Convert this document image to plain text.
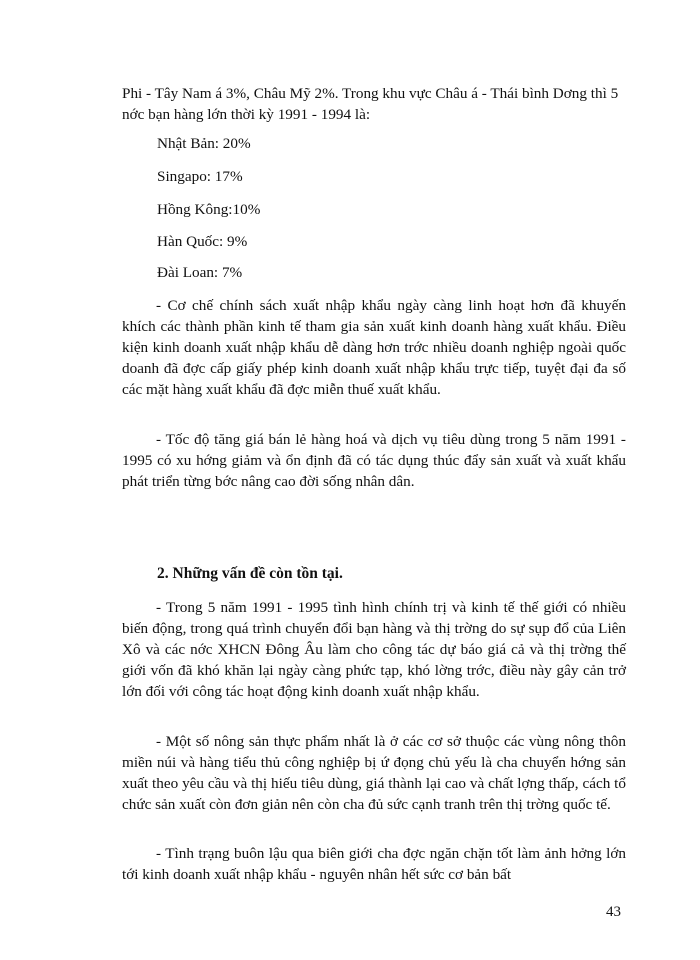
Phi - Tây Nam á 3%, Châu Mỹ 2%. Trong khu vực Châu á - Thái bình Dơng thì 5 nớc bạn hàng lớn thời kỳ 1991 - 1994 là:

Nhật Bản: 20%

Singapo: 17%

Hồng Kông:10%

Hàn Quốc: 9%

Đài Loan: 7%

- Cơ chế chính sách xuất nhập khẩu ngày càng linh hoạt hơn đã khuyến khích các thành phần kinh tế tham gia sản xuất kinh doanh hàng xuất khẩu. Điều kiện kinh doanh xuất nhập khẩu dễ dàng hơn trớc nhiều doanh nghiệp ngoài quốc doanh đã đợc cấp giấy phép kinh doanh xuất nhập khẩu trực tiếp, tuyệt đại đa số các mặt hàng xuất khẩu đã đợc miễn thuế xuất khẩu.

- Tốc độ tăng giá bán lẻ hàng hoá và dịch vụ tiêu dùng trong 5 năm 1991 - 1995 có xu hớng giảm và ổn định đã có tác dụng thúc đẩy sản xuất và xuất khẩu phát triển từng bớc nâng cao đời sống nhân dân.

2. Những vấn đề còn tồn tại.

- Trong 5 năm 1991 - 1995 tình hình chính trị và kinh tế thế giới có nhiều biến động, trong quá trình chuyển đổi bạn hàng và thị trờng do sự sụp đổ của Liên Xô và các nớc XHCN Đông Âu làm cho công tác dự báo giá cả và thị trờng thế giới vốn đã khó khăn lại ngày càng phức tạp, khó lờng trớc, điều này gây cản trở lớn đối với công tác hoạt động kinh doanh xuất nhập khẩu.

- Một số nông sản thực phẩm nhất là ở các cơ sở thuộc các vùng nông thôn miền núi và hàng tiểu thủ công nghiệp bị ứ đọng chủ yếu là cha chuyển hớng sản xuất theo yêu cầu và thị hiếu tiêu dùng, giá thành lại cao và chất lợng thấp, cách tổ chức sản xuất còn đơn giản nên còn cha đủ sức cạnh tranh trên thị trờng quốc tế.

- Tình trạng buôn lậu qua biên giới cha đợc ngăn chặn tốt làm ảnh hởng lớn tới kinh doanh xuất nhập khẩu - nguyên nhân hết sức cơ bản bất

43
